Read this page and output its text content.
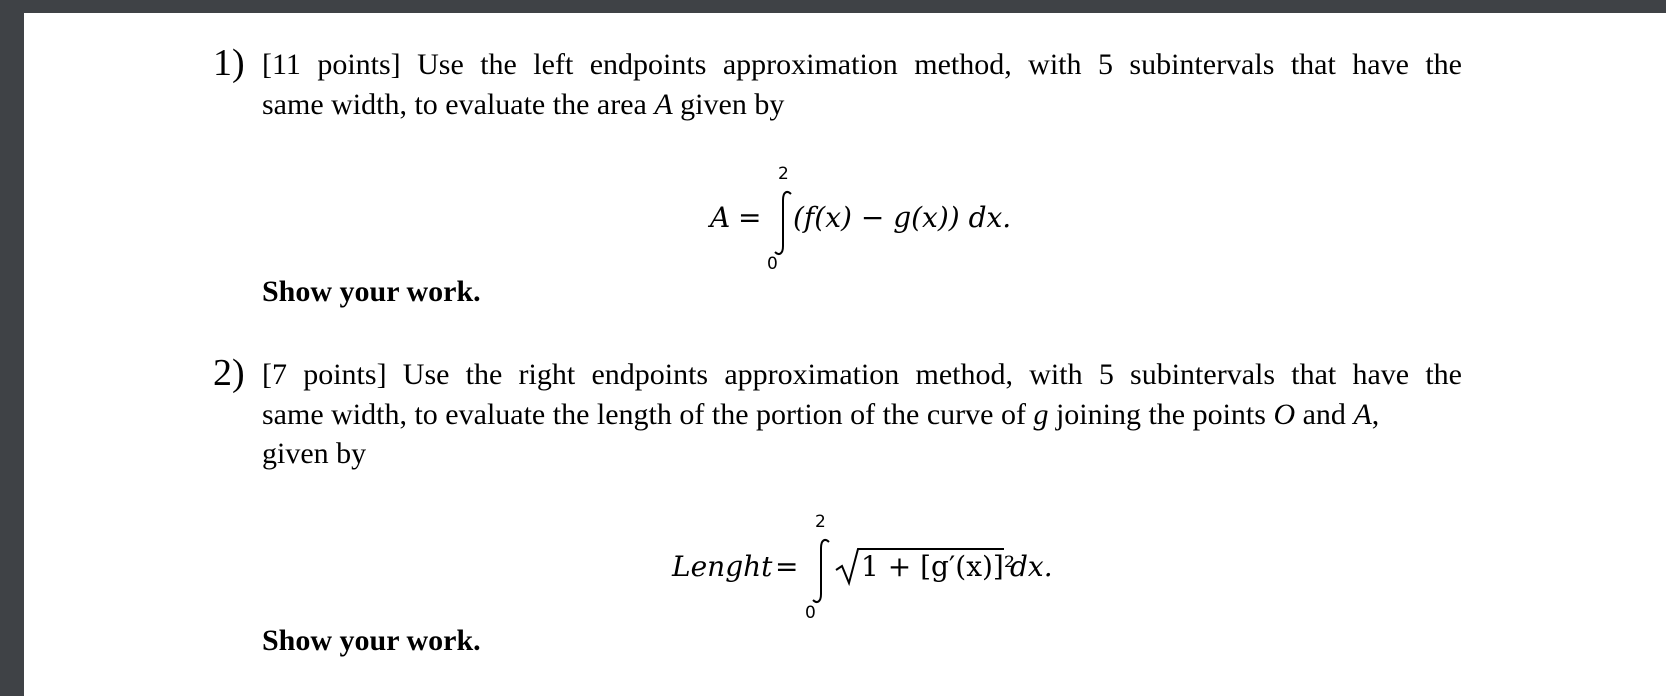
1) [11 points] Use the left endpoints approximation method, with 5 subintervals that have the
same width, to evaluate the area A given by
A =
2
0
(f(x) − g(x)) dx.
Show your work.
2) [7 points] Use the right endpoints approximation method, with 5 subintervals that have the
same width, to evaluate the length of the portion of the curve of g joining the points O and A,
given by
Lenght =
2
0
1 + [g′(x)]²
dx.
Show your work.
